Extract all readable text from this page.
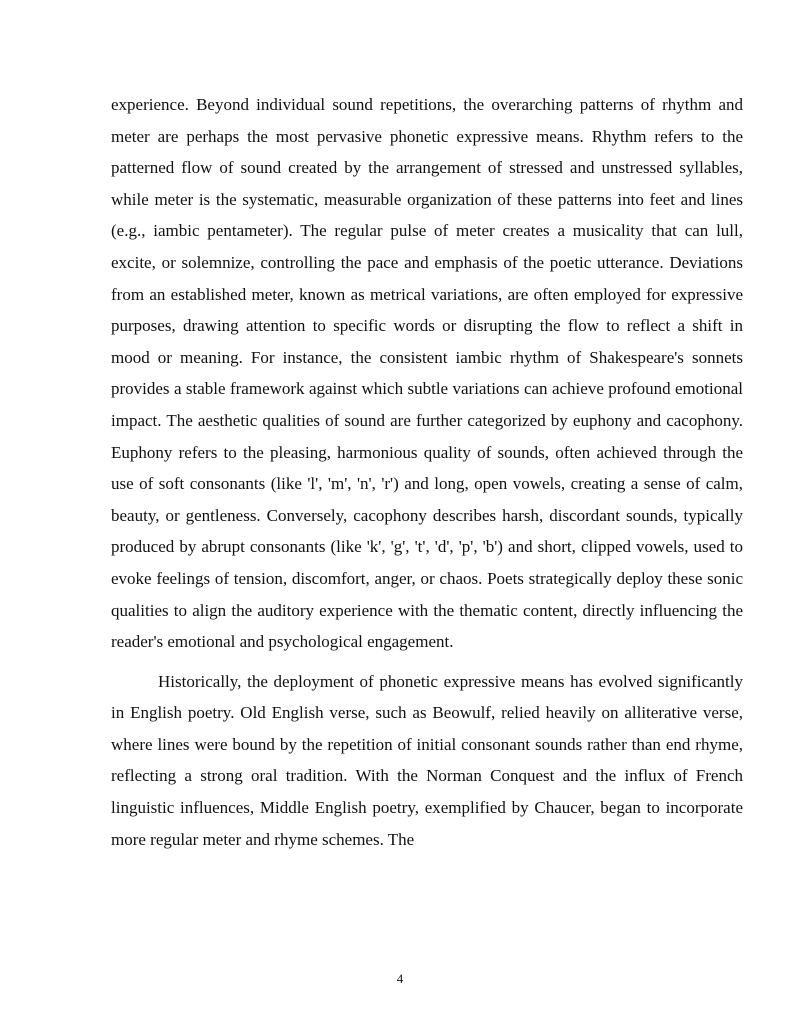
experience. Beyond individual sound repetitions, the overarching patterns of rhythm and meter are perhaps the most pervasive phonetic expressive means. Rhythm refers to the patterned flow of sound created by the arrangement of stressed and unstressed syllables, while meter is the systematic, measurable organization of these patterns into feet and lines (e.g., iambic pentameter). The regular pulse of meter creates a musicality that can lull, excite, or solemnize, controlling the pace and emphasis of the poetic utterance. Deviations from an established meter, known as metrical variations, are often employed for expressive purposes, drawing attention to specific words or disrupting the flow to reflect a shift in mood or meaning. For instance, the consistent iambic rhythm of Shakespeare's sonnets provides a stable framework against which subtle variations can achieve profound emotional impact. The aesthetic qualities of sound are further categorized by euphony and cacophony. Euphony refers to the pleasing, harmonious quality of sounds, often achieved through the use of soft consonants (like 'l', 'm', 'n', 'r') and long, open vowels, creating a sense of calm, beauty, or gentleness. Conversely, cacophony describes harsh, discordant sounds, typically produced by abrupt consonants (like 'k', 'g', 't', 'd', 'p', 'b') and short, clipped vowels, used to evoke feelings of tension, discomfort, anger, or chaos. Poets strategically deploy these sonic qualities to align the auditory experience with the thematic content, directly influencing the reader's emotional and psychological engagement.

Historically, the deployment of phonetic expressive means has evolved significantly in English poetry. Old English verse, such as Beowulf, relied heavily on alliterative verse, where lines were bound by the repetition of initial consonant sounds rather than end rhyme, reflecting a strong oral tradition. With the Norman Conquest and the influx of French linguistic influences, Middle English poetry, exemplified by Chaucer, began to incorporate more regular meter and rhyme schemes. The

4
